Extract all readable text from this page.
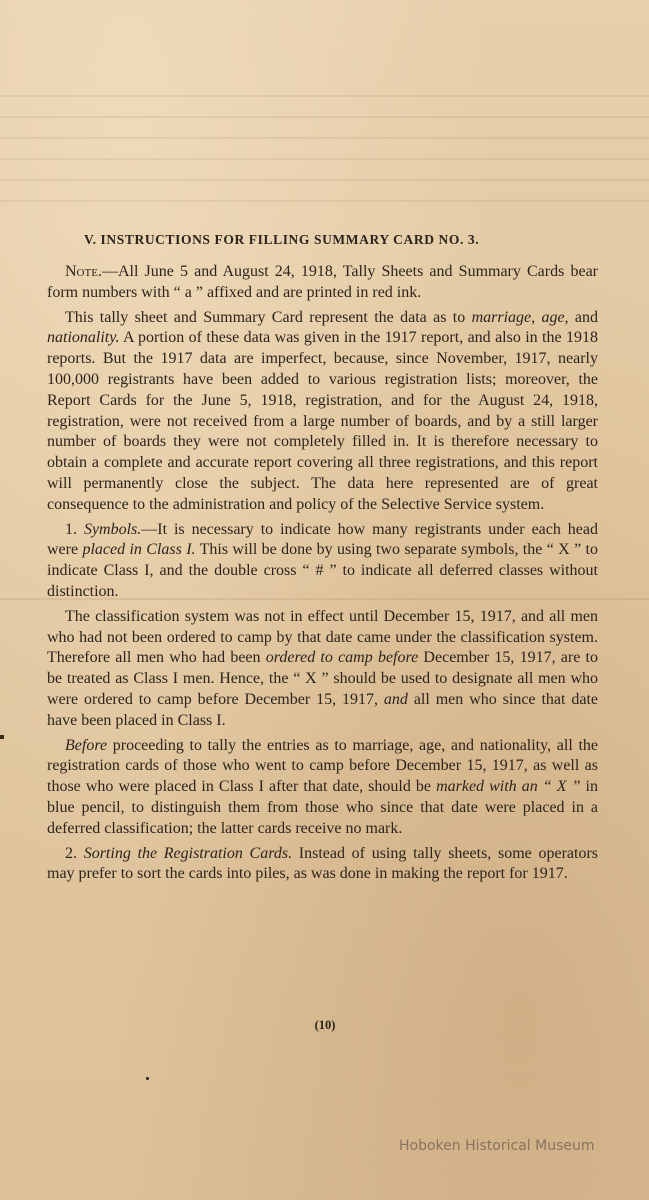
V. INSTRUCTIONS FOR FILLING SUMMARY CARD NO. 3.

Note.—All June 5 and August 24, 1918, Tally Sheets and Summary Cards bear form numbers with “ a ” affixed and are printed in red ink.

This tally sheet and Summary Card represent the data as to marriage, age, and nationality. A portion of these data was given in the 1917 report, and also in the 1918 reports. But the 1917 data are imperfect, because, since November, 1917, nearly 100,000 registrants have been added to various registration lists; moreover, the Report Cards for the June 5, 1918, registration, and for the August 24, 1918, registration, were not received from a large number of boards, and by a still larger number of boards they were not completely filled in. It is therefore necessary to obtain a complete and accurate report covering all three registrations, and this report will permanently close the subject. The data here represented are of great consequence to the administration and policy of the Selective Service system.

1. Symbols.—It is necessary to indicate how many registrants under each head were placed in Class I. This will be done by using two separate symbols, the “ X ” to indicate Class I, and the double cross “ # ” to indicate all deferred classes without distinction.

The classification system was not in effect until December 15, 1917, and all men who had not been ordered to camp by that date came under the classification system. Therefore all men who had been ordered to camp before December 15, 1917, are to be treated as Class I men. Hence, the “ X ” should be used to designate all men who were ordered to camp before December 15, 1917, and all men who since that date have been placed in Class I.

Before proceeding to tally the entries as to marriage, age, and nationality, all the registration cards of those who went to camp before December 15, 1917, as well as those who were placed in Class I after that date, should be marked with an “ X ” in blue pencil, to distinguish them from those who since that date were placed in a deferred classification; the latter cards receive no mark.

2. Sorting the Registration Cards. Instead of using tally sheets, some operators may prefer to sort the cards into piles, as was done in making the report for 1917.

(10)
Hoboken Historical Museum
